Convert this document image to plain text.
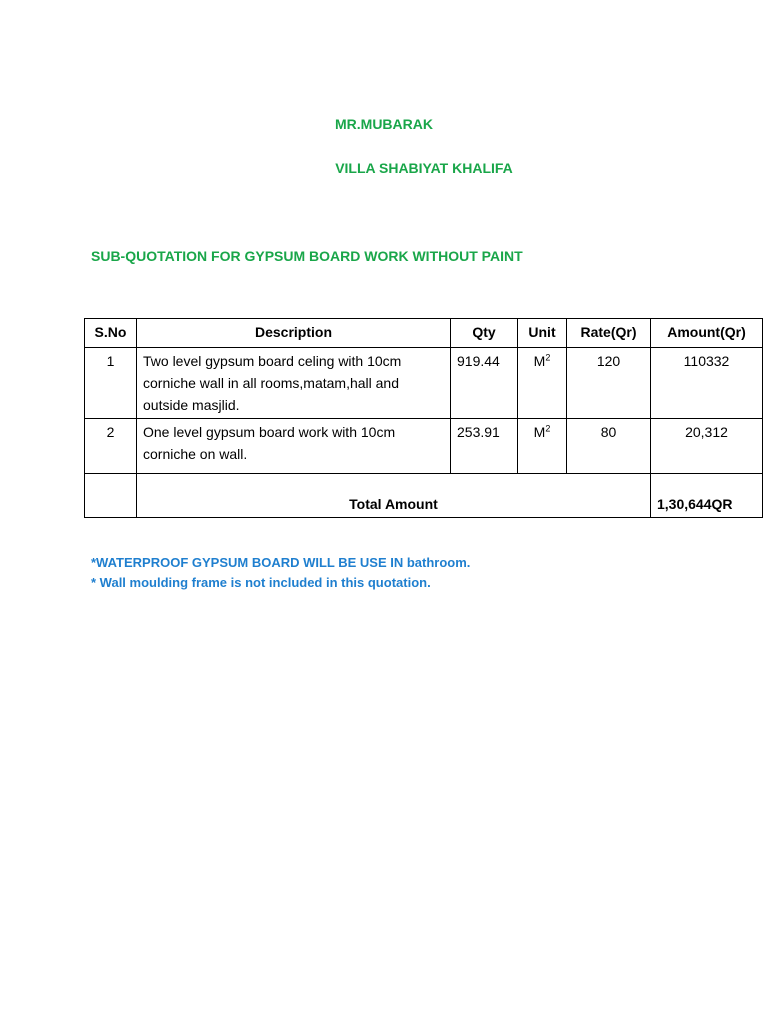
MR.MUBARAK
VILLA SHABIYAT KHALIFA
SUB-QUOTATION FOR GYPSUM BOARD WORK WITHOUT PAINT
S.No	Description	Qty	Unit	Rate(Qr)	Amount(Qr)
1	Two level gypsum board celing with 10cm corniche wall in all rooms,matam,hall and outside masjlid.	919.44	$M^2$	120	110332
2	One level gypsum board work with 10cm corniche on wall.	253.91	$M^2$	80	20,312
	Total Amount				1,30,644QR
*WATERPROOF GYPSUM BOARD WILL BE USE IN bathroom.
* Wall moulding frame is not included in this quotation.
